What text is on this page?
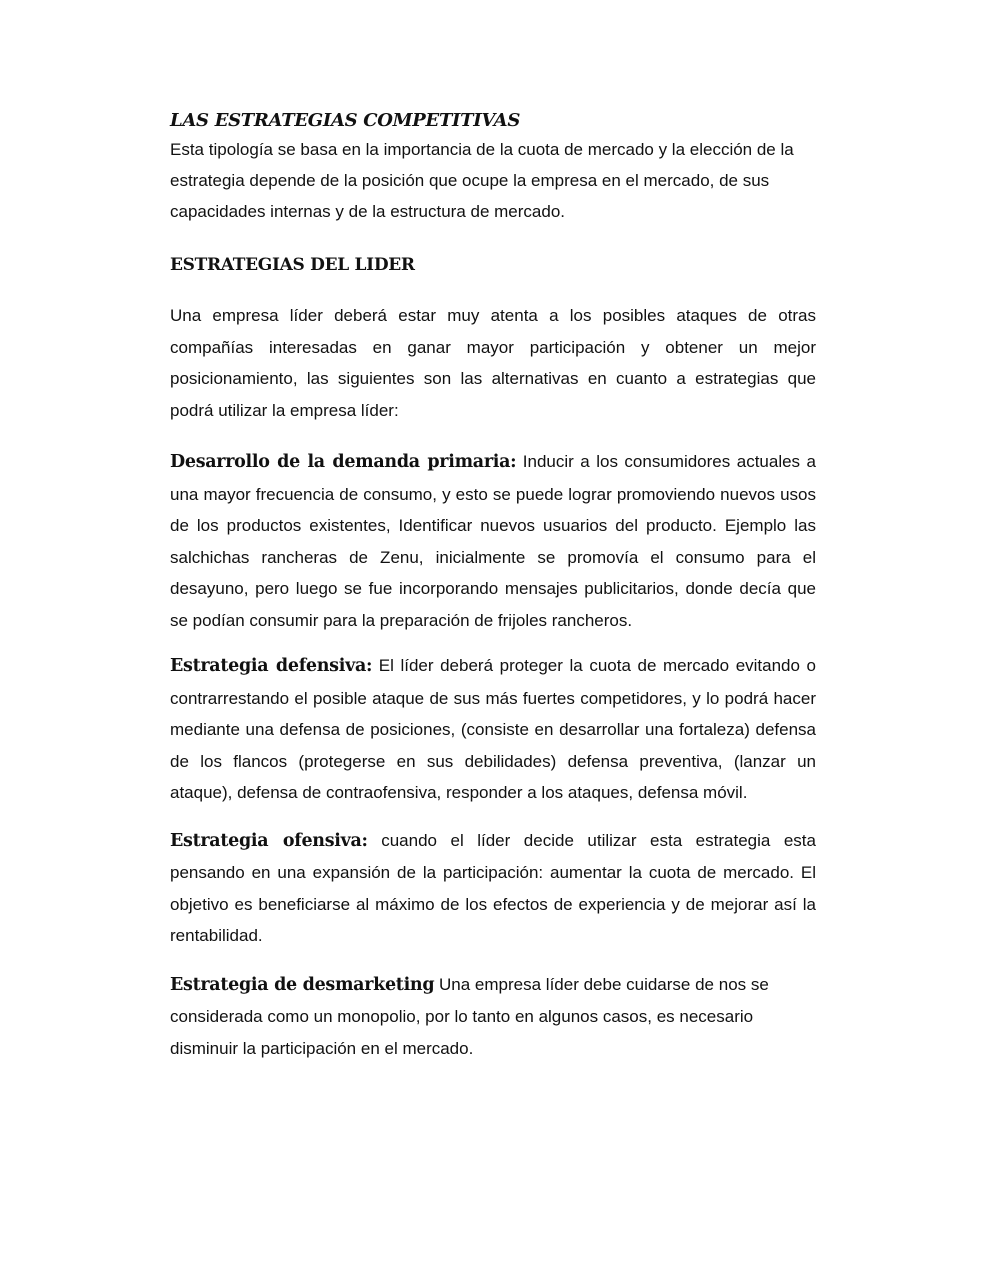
LAS ESTRATEGIAS COMPETITIVAS

Esta tipología se basa en la importancia de la cuota de mercado y la elección de la estrategia depende de la posición que ocupe la empresa en el mercado, de sus capacidades internas y de la estructura de mercado.

ESTRATEGIAS DEL LIDER

Una empresa líder deberá estar muy atenta a los posibles ataques de otras compañías interesadas en ganar mayor participación y obtener un mejor posicionamiento, las siguientes son las alternativas en cuanto a estrategias que podrá utilizar la empresa líder:

Desarrollo de la demanda primaria: Inducir a los consumidores actuales a una mayor frecuencia de consumo, y esto se puede lograr promoviendo nuevos usos de los productos existentes, Identificar nuevos usuarios del producto. Ejemplo las salchichas rancheras de Zenu, inicialmente se promovía el consumo para el desayuno, pero luego se fue incorporando mensajes publicitarios, donde decía que se podían consumir para la preparación de frijoles rancheros.

Estrategia defensiva: El líder deberá proteger la cuota de mercado evitando o contrarrestando el posible ataque de sus más fuertes competidores, y lo podrá hacer mediante una defensa de posiciones, (consiste en desarrollar una fortaleza) defensa de los flancos (protegerse en sus debilidades) defensa preventiva, (lanzar un ataque), defensa de contraofensiva, responder a los ataques, defensa móvil.

Estrategia ofensiva: cuando el líder decide utilizar esta estrategia esta pensando en una expansión de la participación: aumentar la cuota de mercado. El objetivo es beneficiarse al máximo de los efectos de experiencia y de mejorar así la rentabilidad.

Estrategia de desmarketing Una empresa líder debe cuidarse de nos se considerada como un monopolio, por lo tanto en algunos casos, es necesario disminuir la participación en el mercado.
